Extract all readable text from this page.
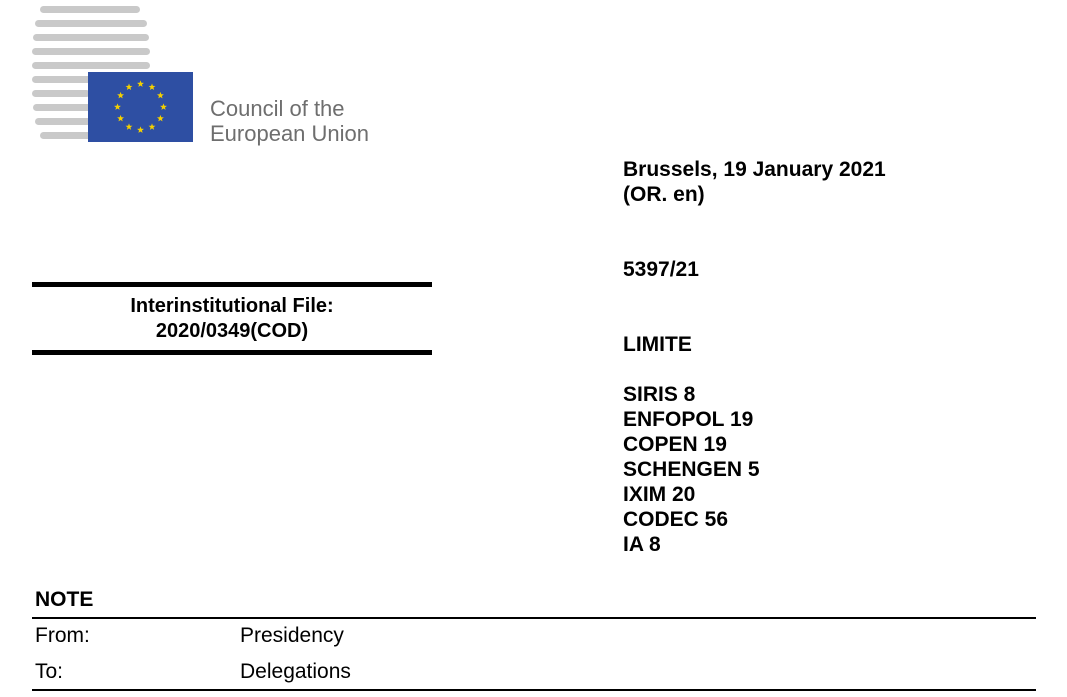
Council of the
European Union
Brussels, 19 January 2021
(OR. en)
5397/21
LIMITE
SIRIS 8
ENFOPOL 19
COPEN 19
SCHENGEN 5
IXIM 20
CODEC 56
IA 8
Interinstitutional File:
2020/0349(COD)
NOTE
From:	Presidency
To:	Delegations
